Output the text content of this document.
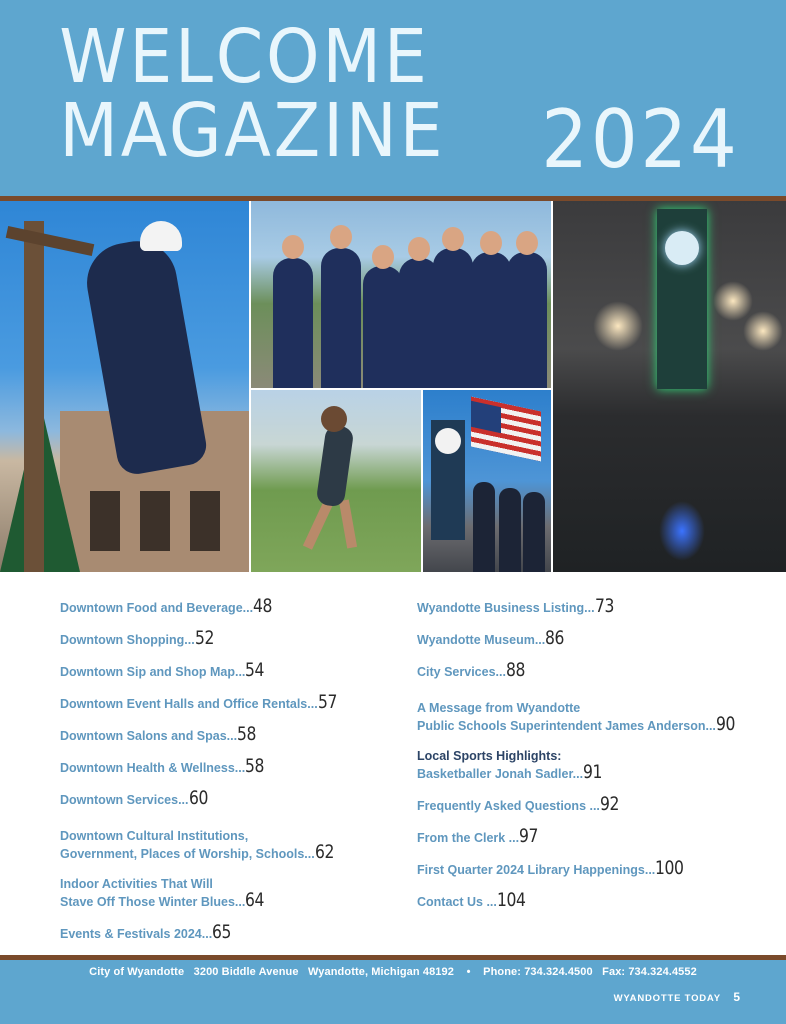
WELCOME MAGAZINE	2024
Downtown Food and Beverage...48
Downtown Shopping...52
Downtown Sip and Shop Map...54
Downtown Event Halls and Office Rentals...57
Downtown Salons and Spas...58
Downtown Health & Wellness...58
Downtown Services...60
Downtown Cultural Institutions,
Government, Places of Worship, Schools...62
Indoor Activities That Will
Stave Off Those Winter Blues...64
Events & Festivals 2024...65
Wyandotte Business Listing...73
Wyandotte Museum...86
City Services...88
A Message from Wyandotte
Public Schools Superintendent James Anderson...90
Local Sports Highlights:
Basketballer Jonah Sadler...91
Frequently Asked Questions ...92
From the Clerk ...97
First Quarter 2024 Library Happenings...100
Contact Us ...104
City of Wyandotte   3200 Biddle Avenue   Wyandotte, Michigan 48192    •    Phone: 734.324.4500   Fax: 734.324.4552
WYANDOTTE TODAY 5
